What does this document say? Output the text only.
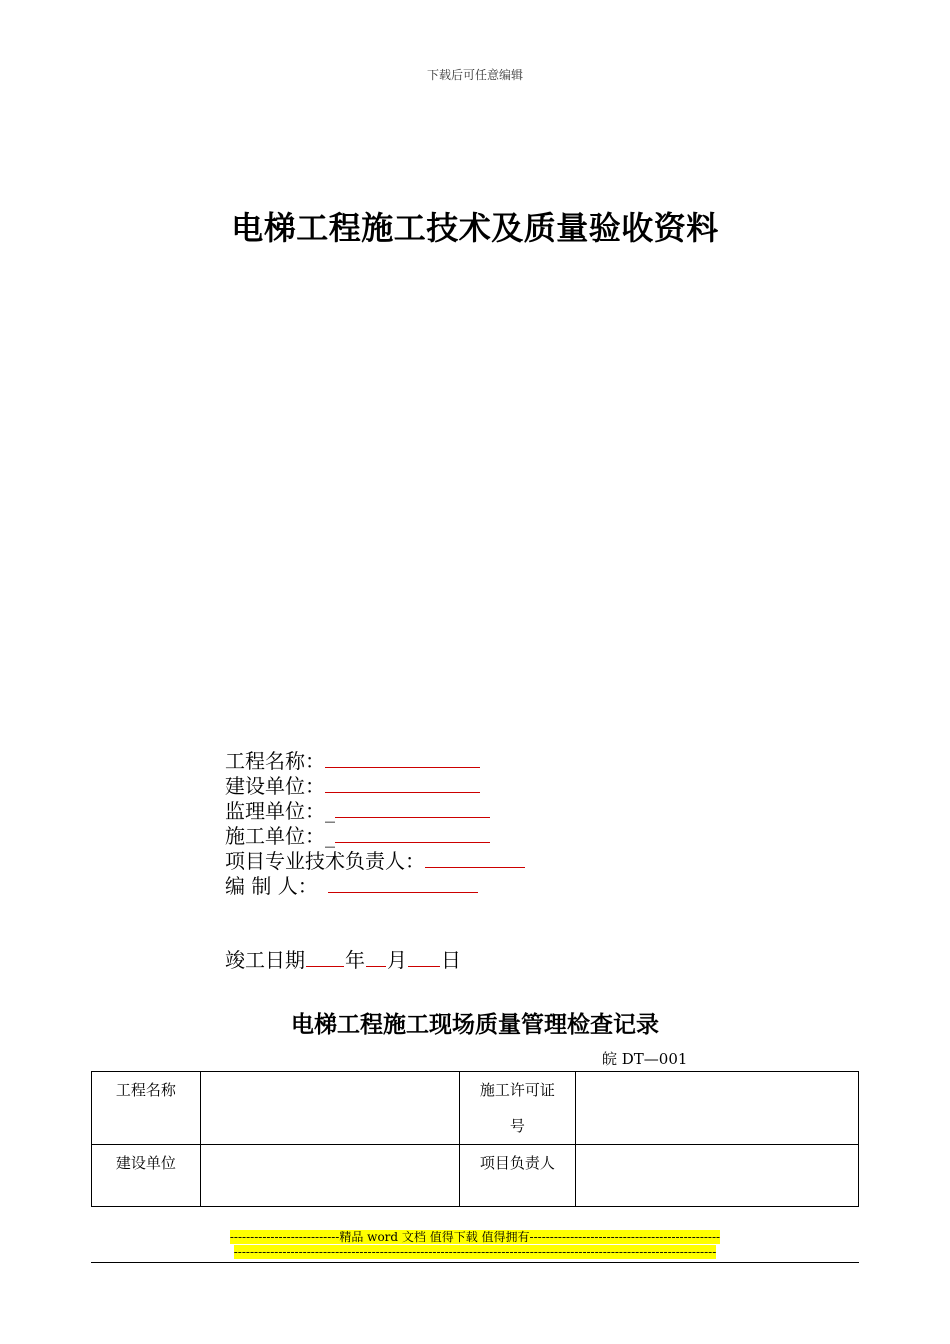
下载后可任意编辑
电梯工程施工技术及质量验收资料
工程名称：
建设单位：
监理单位：_
施工单位：_
项目专业技术负责人：
编 制 人：
竣工日期 年 月 日
电梯工程施工现场质量管理检查记录
皖 DT—001
工程名称		施工许可证
号	

建设单位		项目负责人	
---------------------------精品 word 文档 值得下载 值得拥有-----------------------------------------------
-----------------------------------------------------------------------------------------------------------------------
